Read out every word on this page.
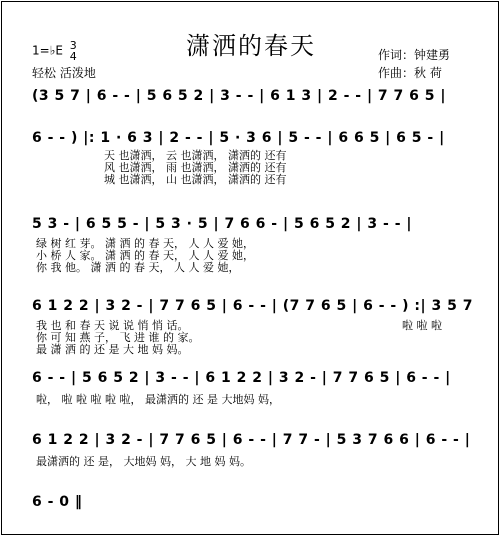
潇洒的春天
1=♭E 3
4
轻松 活泼地
作词：钟建勇
作曲：秋 荷
(3 5 7 | 6 - - | 5 6 5 2 | 3 - - | 6 1 3 | 2 - - | 7 7 6 5 |
6 - - ) |: 1 · 6 3 | 2 - - | 5 · 3 6 | 5 - - | 6 6 5 | 6 5 - |
天 也潇洒， 云 也潇洒， 潇洒的 还有
风 也潇洒， 雨 也潇洒， 潇洒的 还有
城 也潇洒， 山 也潇洒， 潇洒的 还有
5 3 - | 6 5 5 - | 5 3 · 5 | 7 6 6 - | 5 6 5 2 | 3 - - |
绿 树 红 芽。 潇 洒 的 春 天， 人 人 爱 她，
小 桥 人 家。 潇 洒 的 春 天， 人 人 爱 她，
你 我 他。 潇 洒 的 春 天， 人 人 爱 她，
6 1 2 2 | 3 2 - | 7 7 6 5 | 6 - - | (7 7 6 5 | 6 - - ) :| 3 5 7
我 也 和 春 天 说 说 悄 悄 话。	啦 啦 啦
你 可 知 燕 子， 飞 进 谁 的 家。
最 潇 洒 的 还 是 大 地 妈 妈。
6 - - | 5 6 5 2 | 3 - - | 6 1 2 2 | 3 2 - | 7 7 6 5 | 6 - - |
啦， 啦 啦 啦 啦 啦， 最潇洒的 还 是 大地妈 妈，
6 1 2 2 | 3 2 - | 7 7 6 5 | 6 - - | 7 7 - | 5 3 7 6 6 | 6 - - |
最潇洒的 还 是， 大地妈 妈， 大 地 妈 妈。
6 - 0 ‖
